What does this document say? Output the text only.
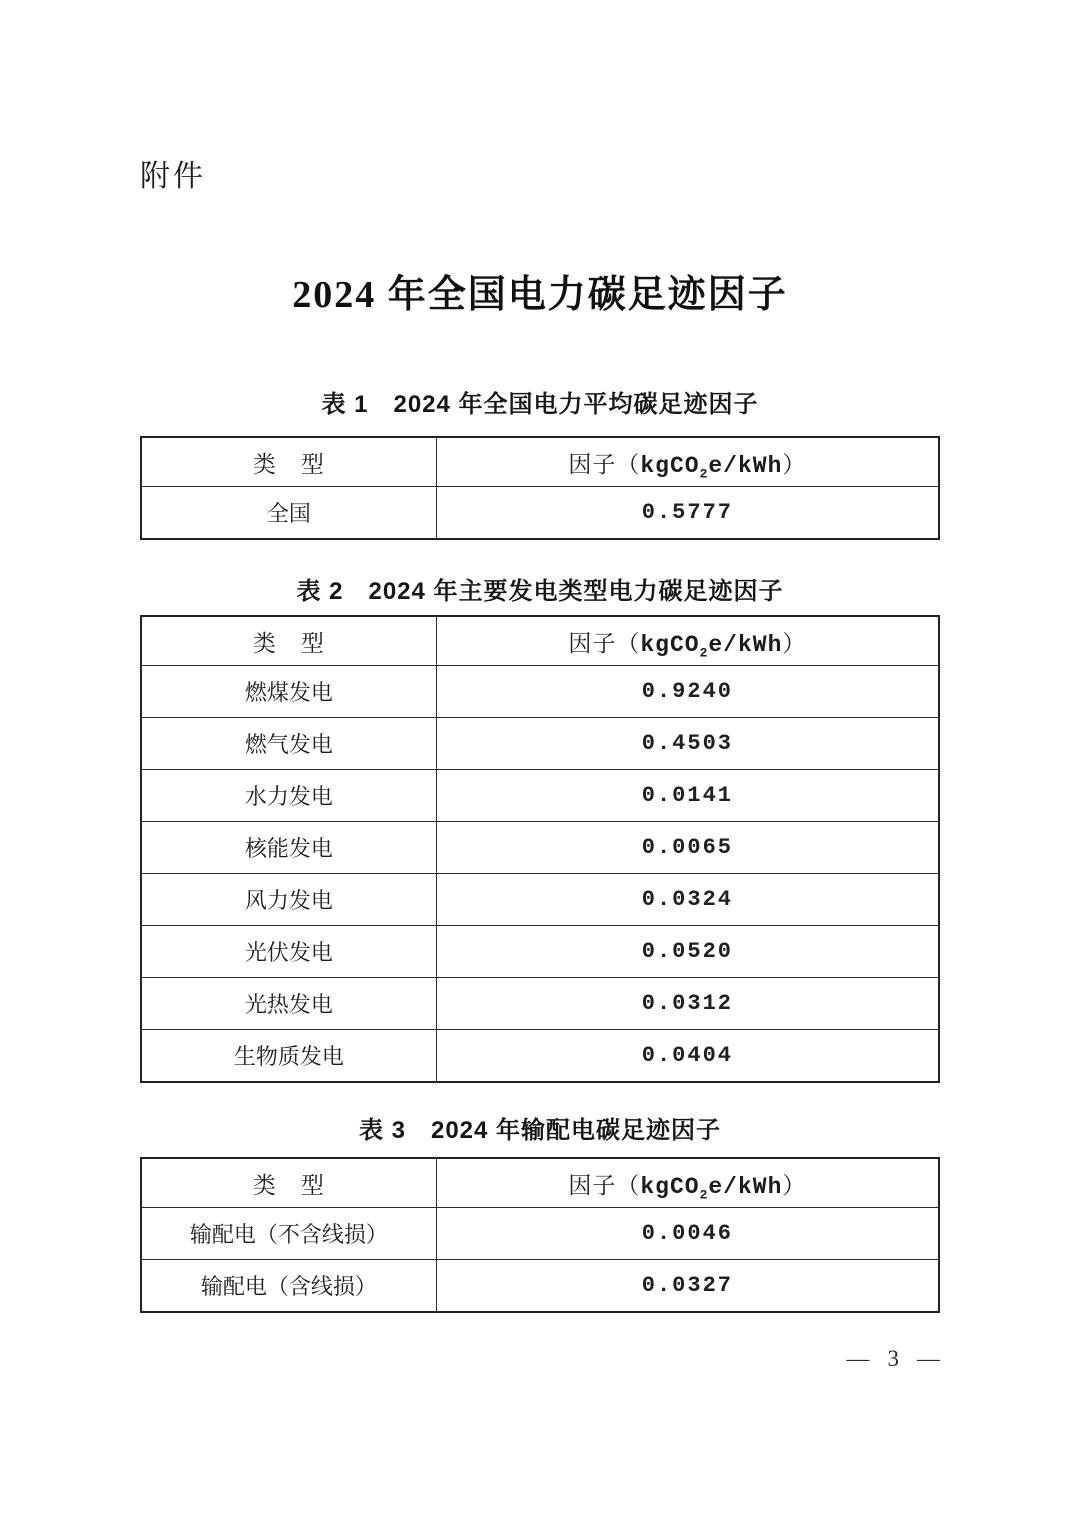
附件
2024 年全国电力碳足迹因子
表 1　2024 年全国电力平均碳足迹因子
类　型	因子（kgCO$_2$e/kWh）
全国	0.5777
表 2　2024 年主要发电类型电力碳足迹因子
类　型	因子（kgCO$_2$e/kWh）
燃煤发电	0.9240
燃气发电	0.4503
水力发电	0.0141
核能发电	0.0065
风力发电	0.0324
光伏发电	0.0520
光热发电	0.0312
生物质发电	0.0404
表 3　2024 年输配电碳足迹因子
类　型	因子（kgCO$_2$e/kWh）
输配电（不含线损）	0.0046
输配电（含线损）	0.0327
— 3 —
